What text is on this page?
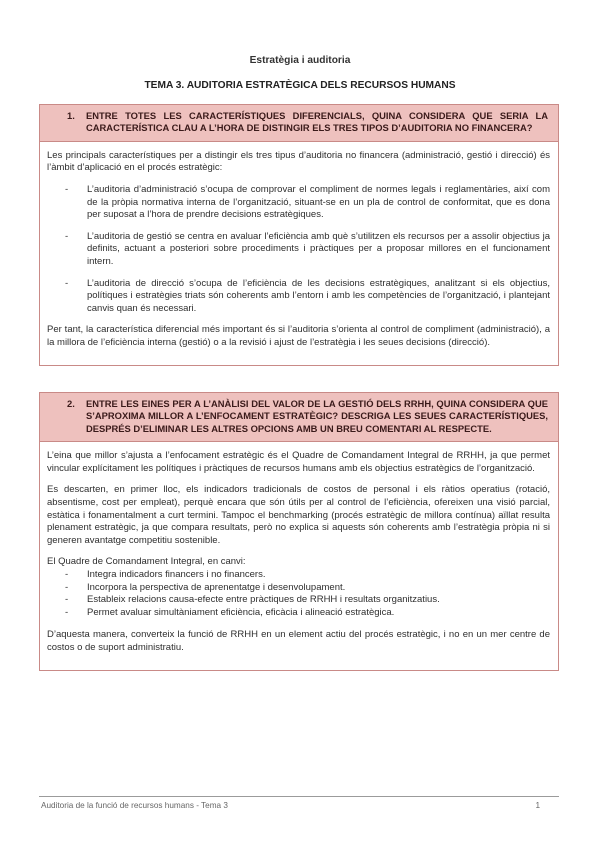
Estratègia i auditoria
TEMA 3. AUDITORIA ESTRATÈGICA DELS RECURSOS HUMANS
1.	ENTRE TOTES LES CARACTERÍSTIQUES DIFERENCIALS, QUINA CONSIDERA QUE SERIA LA CARACTERÍSTICA CLAU A L’HORA DE DISTINGIR ELS TRES TIPOS D’AUDITORIA NO FINANCERA?

Les principals característiques per a distingir els tres tipus d’auditoria no financera (administració, gestió i direcció) és l’àmbit d’aplicació en el procés estratègic:

- L’auditoria d’administració s’ocupa de comprovar el compliment de normes legals i reglamentàries, així com de la pròpia normativa interna de l’organització, situant-se en un pla de control de conformitat, que es dona per suposat a l’hora de prendre decisions estratègiques.
- L’auditoria de gestió se centra en avaluar l’eficiència amb què s’utilitzen els recursos per a assolir objectius ja definits, actuant a posteriori sobre procediments i pràctiques per a proposar millores en el funcionament intern.
- L’auditoria de direcció s’ocupa de l’eficiència de les decisions estratègiques, analitzant si els objectius, polítiques i estratègies triats són coherents amb l’entorn i amb les competències de l’organització, i plantejant canvis quan és necessari.

Per tant, la característica diferencial més important és si l’auditoria s’orienta al control de compliment (administració), a la millora de l’eficiència interna (gestió) o a la revisió i ajust de l’estratègia i les seues decisions (direcció).

2.	ENTRE LES EINES PER A L’ANÀLISI DEL VALOR DE LA GESTIÓ DELS RRHH, QUINA CONSIDERA QUE S’APROXIMA MILLOR A L’ENFOCAMENT ESTRATÈGIC? DESCRIGA LES SEUES CARACTERÍSTIQUES, DESPRÉS D’ELIMINAR LES ALTRES OPCIONS AMB UN BREU COMENTARI AL RESPECTE.

L’eina que millor s’ajusta a l’enfocament estratègic és el Quadre de Comandament Integral de RRHH, ja que permet vincular explícitament les polítiques i pràctiques de recursos humans amb els objectius estratègics de l’organització.

Es descarten, en primer lloc, els indicadors tradicionals de costos de personal i els ràtios operatius (rotació, absentisme, cost per empleat), perquè encara que són útils per al control de l’eficiència, ofereixen una visió parcial, estàtica i fonamentalment a curt termini. Tampoc el benchmarking (procés estratègic de millora contínua) aïllat resulta plenament estratègic, ja que compara resultats, però no explica si aquests són coherents amb l’estratègia pròpia ni si generen avantatge competitiu sostenible.

El Quadre de Comandament Integral, en canvi:

- Integra indicadors financers i no financers.
- Incorpora la perspectiva de aprenentatge i desenvolupament.
- Estableix relacions causa-efecte entre pràctiques de RRHH i resultats organitzatius.
- Permet avaluar simultàniament eficiència, eficàcia i alineació estratègica.

D’aquesta manera, converteix la funció de RRHH en un element actiu del procés estratègic, i no en un mer centre de costos o de suport administratiu.

Auditoria de la funció de recursos humans - Tema 3	1
